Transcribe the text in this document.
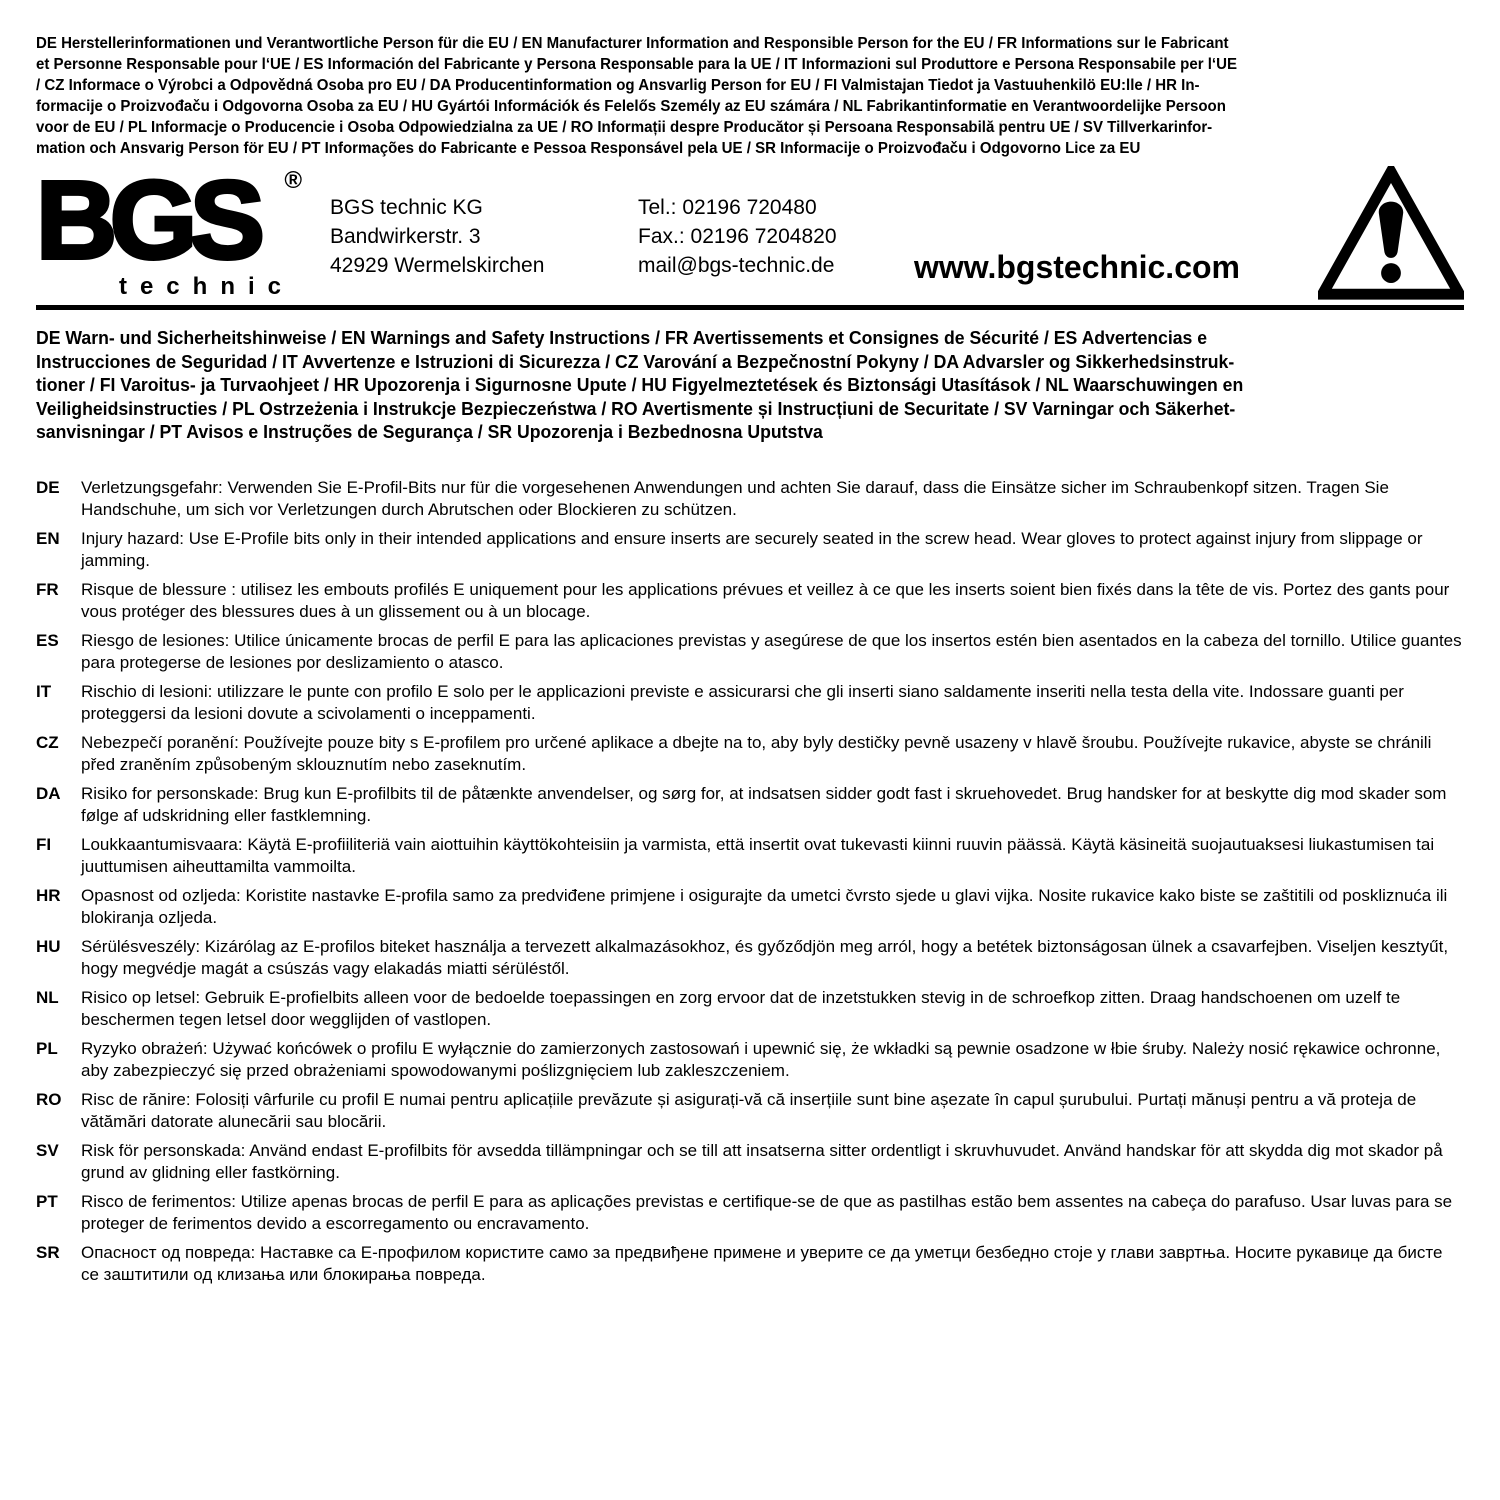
DE Herstellerinformationen und Verantwortliche Person für die EU / EN Manufacturer Information and Responsible Person for the EU / FR Informations sur le Fabricant
et Personne Responsable pour l‘UE / ES Información del Fabricante y Persona Responsable para la UE / IT Informazioni sul Produttore e Persona Responsabile per l‘UE
/ CZ Informace o Výrobci a Odpovědná Osoba pro EU / DA Producentinformation og Ansvarlig Person for EU / FI Valmistajan Tiedot ja Vastuuhenkilö EU:lle / HR In-
formacije o Proizvođaču i Odgovorna Osoba za EU / HU Gyártói Információk és Felelős Személy az EU számára / NL Fabrikantinformatie en Verantwoordelijke Persoon
voor de EU / PL Informacje o Producencie i Osoba Odpowiedzialna za UE / RO Informații despre Producător și Persoana Responsabilă pentru UE / SV Tillverkarinfor-
mation och Ansvarig Person för EU / PT Informações do Fabricante e Pessoa Responsável pela UE / SR Informacije o Proizvođaču i Odgovorno Lice za EU
BGS	®
technic
BGS technic KG
Bandwirkerstr. 3
42929 Wermelskirchen
Tel.: 02196 720480
Fax.: 02196 7204820
mail@bgs-technic.de www.bgstechnic.com
DE Warn- und Sicherheitshinweise / EN Warnings and Safety Instructions / FR Avertissements et Consignes de Sécurité / ES Advertencias e
Instrucciones de Seguridad / IT Avvertenze e Istruzioni di Sicurezza / CZ Varování a Bezpečnostní Pokyny / DA Advarsler og Sikkerhedsinstruk-
tioner / FI Varoitus- ja Turvaohjeet / HR Upozorenja i Sigurnosne Upute / HU Figyelmeztetések és Biztonsági Utasítások / NL Waarschuwingen en
Veiligheidsinstructies / PL Ostrzeżenia i Instrukcje Bezpieczeństwa / RO Avertismente și Instrucțiuni de Securitate / SV Varningar och Säkerhet-
sanvisningar / PT Avisos e Instruções de Segurança / SR Upozorenja i Bezbednosna Uputstva
DE	Verletzungsgefahr: Verwenden Sie E-Profil-Bits nur für die vorgesehenen Anwendungen und achten Sie darauf, dass die Einsätze sicher im Schraubenkopf sitzen. Tragen Sie Handschuhe, um sich vor Verletzungen durch Abrutschen oder Blockieren zu schützen.
EN	Injury hazard: Use E-Profile bits only in their intended applications and ensure inserts are securely seated in the screw head. Wear gloves to protect against injury from slippage or jamming.
FR	Risque de blessure : utilisez les embouts profilés E uniquement pour les applications prévues et veillez à ce que les inserts soient bien fixés dans la tête de vis. Portez des gants pour vous protéger des blessures dues à un glissement ou à un blocage.
ES	Riesgo de lesiones: Utilice únicamente brocas de perfil E para las aplicaciones previstas y asegúrese de que los insertos estén bien asentados en la cabeza del tornillo. Utilice guantes para protegerse de lesiones por deslizamiento o atasco.
IT	Rischio di lesioni: utilizzare le punte con profilo E solo per le applicazioni previste e assicurarsi che gli inserti siano saldamente inseriti nella testa della vite. Indossare guanti per proteggersi da lesioni dovute a scivolamenti o inceppamenti.
CZ	Nebezpečí poranění: Používejte pouze bity s E-profilem pro určené aplikace a dbejte na to, aby byly destičky pevně usazeny v hlavě šroubu. Používejte rukavice, abyste se chránili před zraněním způsobeným sklouznutím nebo zaseknutím.
DA	Risiko for personskade: Brug kun E-profilbits til de påtænkte anvendelser, og sørg for, at indsatsen sidder godt fast i skruehovedet. Brug handsker for at beskytte dig mod skader som følge af udskridning eller fastklemning.
FI	Loukkaantumisvaara: Käytä E-profiiliteriä vain aiottuihin käyttökohteisiin ja varmista, että insertit ovat tukevasti kiinni ruuvin päässä. Käytä käsineitä suojautuaksesi liukastumisen tai juuttumisen aiheuttamilta vammoilta.
HR	Opasnost od ozljeda: Koristite nastavke E-profila samo za predviđene primjene i osigurajte da umetci čvrsto sjede u glavi vijka. Nosite rukavice kako biste se zaštitili od poskliznuća ili blokiranja ozljeda.
HU	Sérülésveszély: Kizárólag az E-profilos biteket használja a tervezett alkalmazásokhoz, és győződjön meg arról, hogy a betétek biztonságosan ülnek a csavarfejben. Viseljen kesztyűt, hogy megvédje magát a csúszás vagy elakadás miatti sérüléstől.
NL	Risico op letsel: Gebruik E-profielbits alleen voor de bedoelde toepassingen en zorg ervoor dat de inzetstukken stevig in de schroefkop zitten. Draag handschoenen om uzelf te beschermen tegen letsel door wegglijden of vastlopen.
PL	Ryzyko obrażeń: Używać końcówek o profilu E wyłącznie do zamierzonych zastosowań i upewnić się, że wkładki są pewnie osadzone w łbie śruby. Należy nosić rękawice ochronne, aby zabezpieczyć się przed obrażeniami spowodowanymi poślizgnięciem lub zakleszczeniem.
RO	Risc de rănire: Folosiți vârfurile cu profil E numai pentru aplicațiile prevăzute și asigurați-vă că inserțiile sunt bine așezate în capul șurubului. Purtați mănuși pentru a vă proteja de vătămări datorate alunecării sau blocării.
SV	Risk för personskada: Använd endast E-profilbits för avsedda tillämpningar och se till att insatserna sitter ordentligt i skruvhuvudet. Använd handskar för att skydda dig mot skador på grund av glidning eller fastkörning.
PT	Risco de ferimentos: Utilize apenas brocas de perfil E para as aplicações previstas e certifique-se de que as pastilhas estão bem assentes na cabeça do parafuso. Usar luvas para se proteger de ferimentos devido a escorregamento ou encravamento.
SR	Опасност од повреда: Наставке са Е-профилом користите само за предвиђене примене и уверите се да уметци безбедно стоје у глави завртња. Носите рукавице да бисте се заштитили од клизања или блокирања повреда.
